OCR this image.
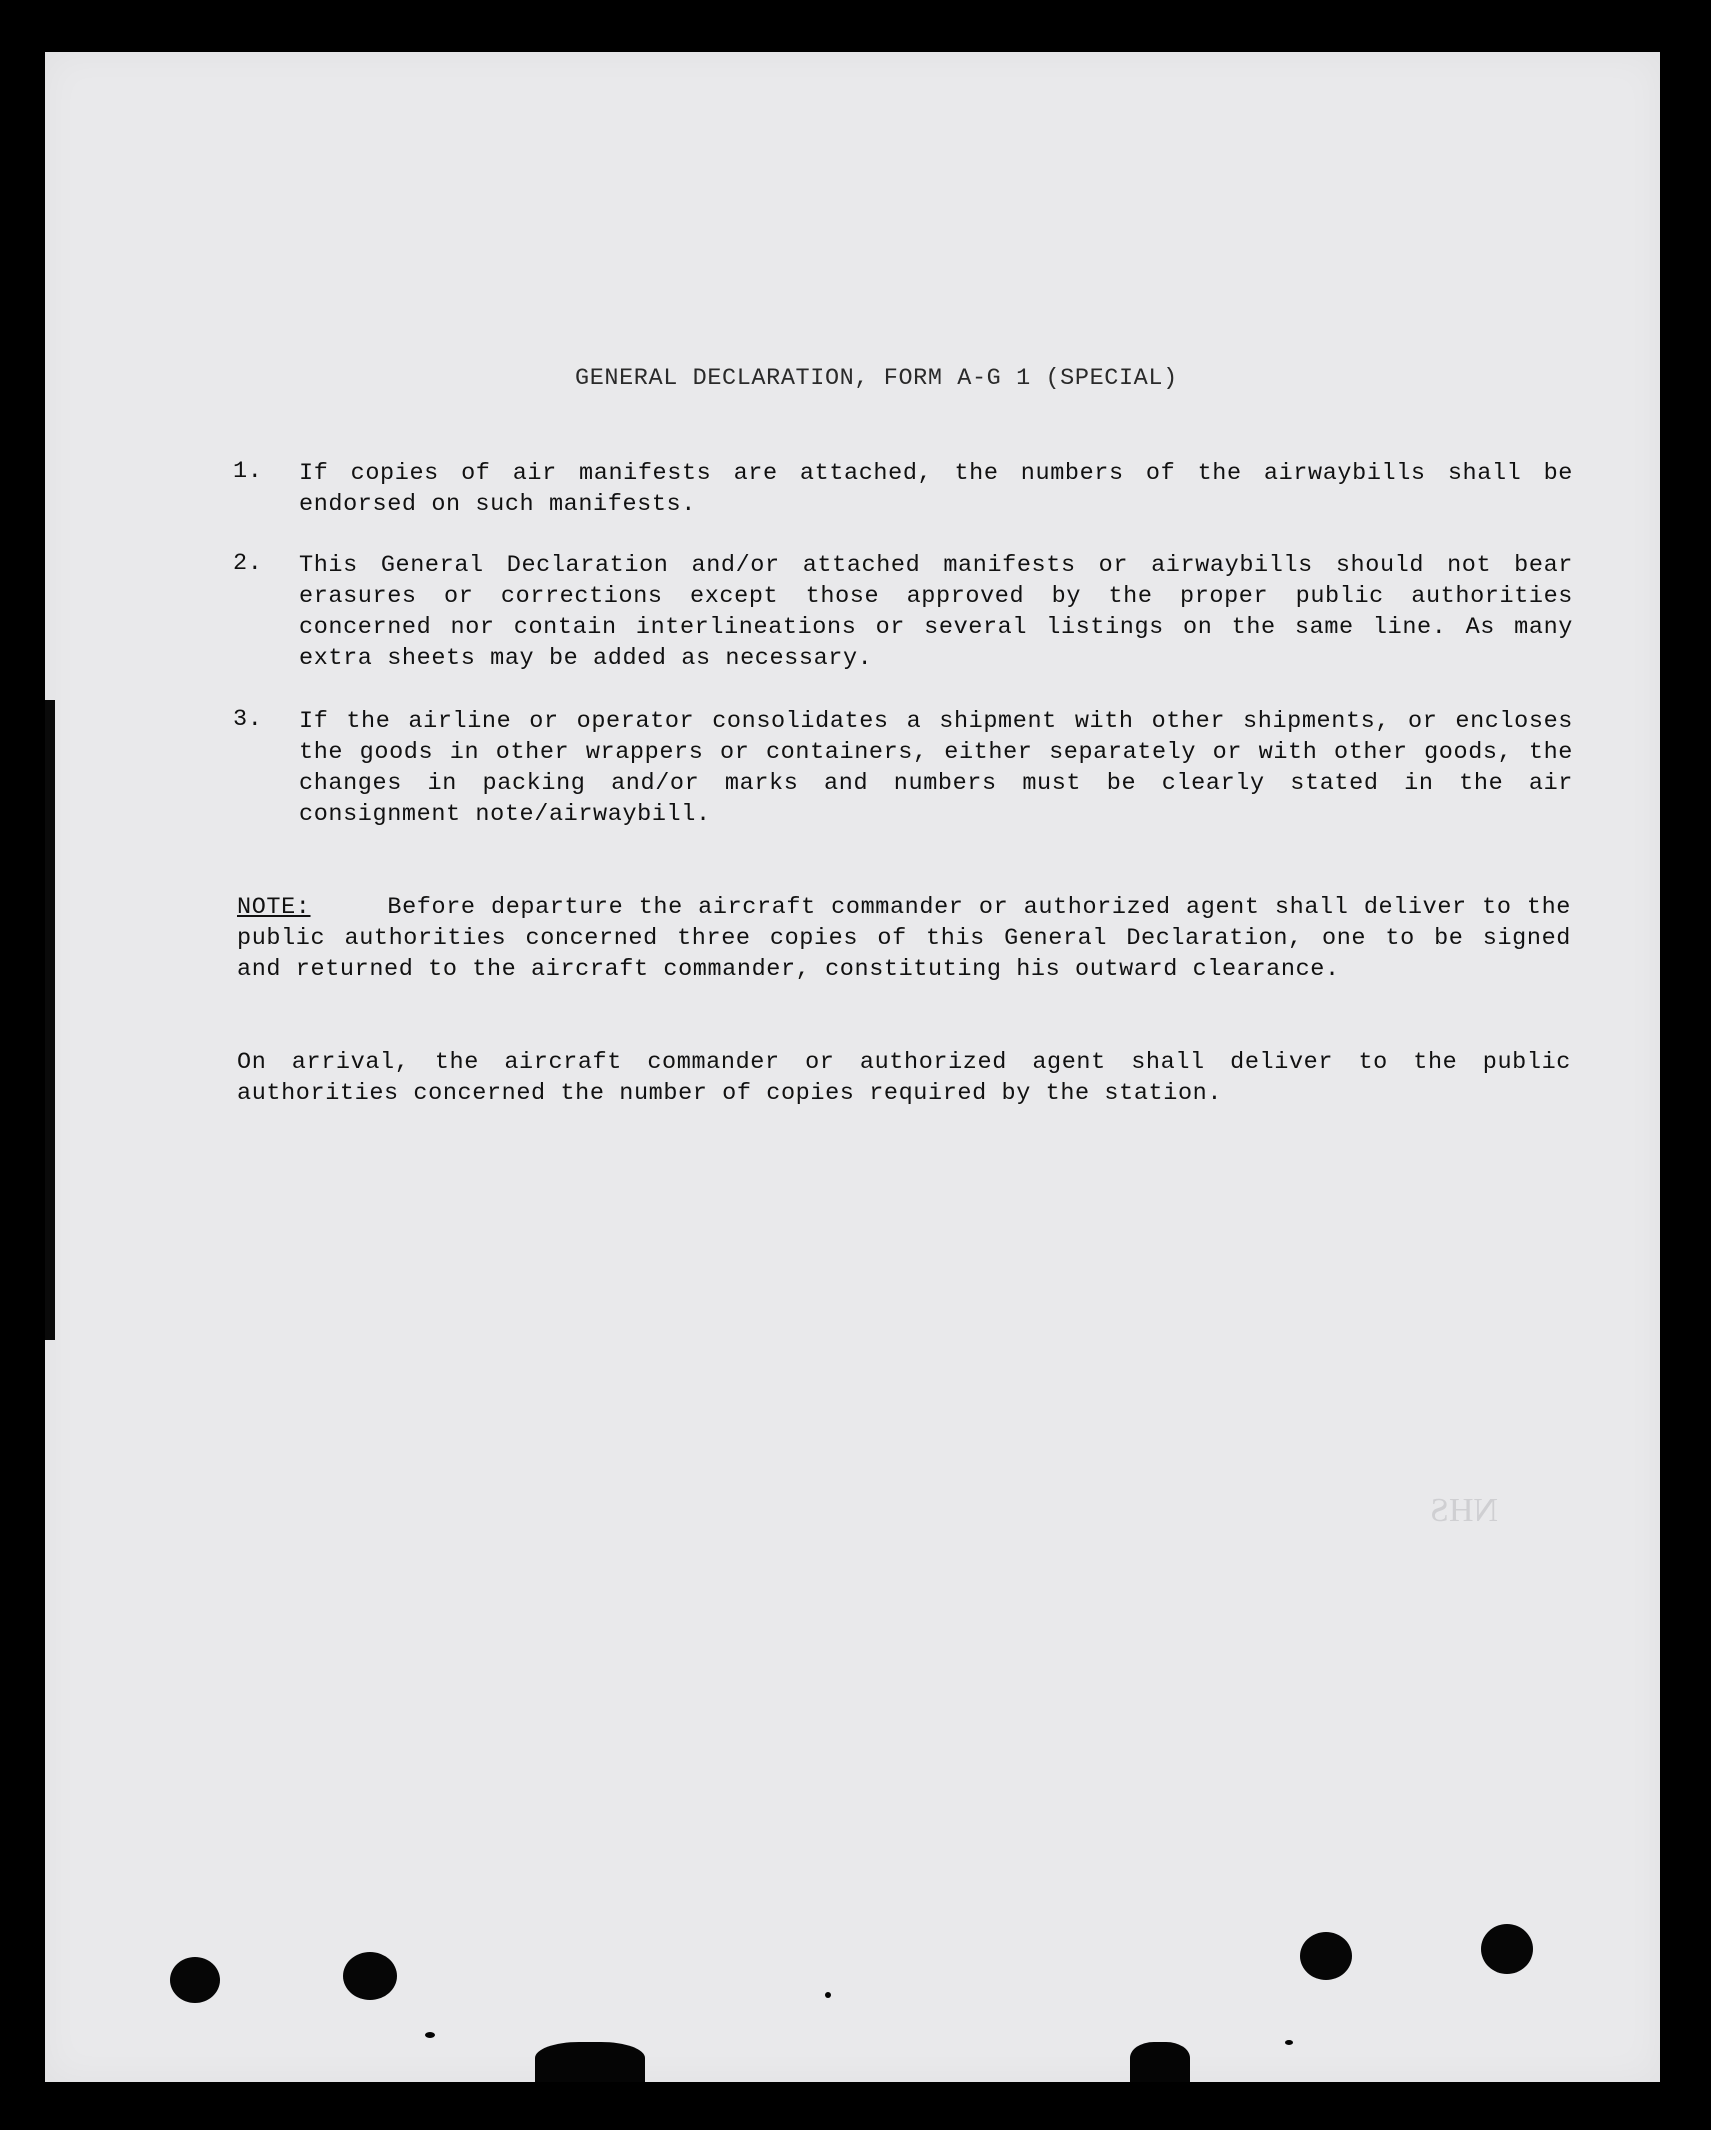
GENERAL DECLARATION, FORM A-G 1 (SPECIAL)
1.	If copies of air manifests are attached, the numbers of the airwaybills shall be endorsed on such manifests.
2.	This General Declaration and/or attached manifests or airwaybills should not bear erasures or corrections except those approved by the proper public authorities concerned nor contain interlineations or several listings on the same line. As many extra sheets may be added as necessary.
3.	If the airline or operator consolidates a shipment with other shipments, or encloses the goods in other wrappers or containers, either separately or with other goods, the changes in packing and/or marks and numbers must be clearly stated in the air consignment note/airwaybill.
NOTE:	Before departure the aircraft commander or authorized agent shall deliver to the public authorities concerned three copies of this General Declaration, one to be signed and returned to the aircraft commander, constituting his outward clearance.
On arrival, the aircraft commander or authorized agent shall deliver to the public authorities concerned the number of copies required by the station.
NHS
